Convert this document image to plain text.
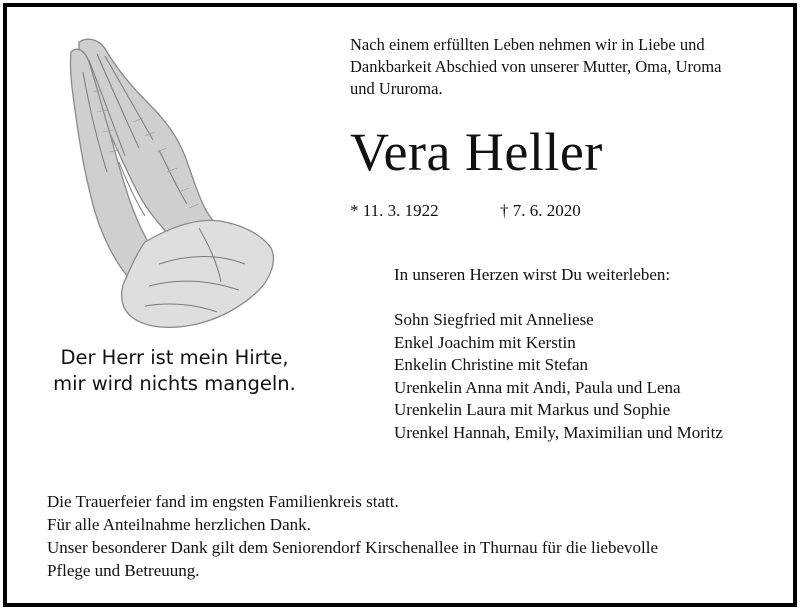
Der Herr ist mein Hirte,
mir wird nichts mangeln.
Nach einem erfüllten Leben nehmen wir in Liebe und
Dankbarkeit Abschied von unserer Mutter, Oma, Uroma
und Ururoma.
Vera Heller
* 11. 3. 1922	† 7. 6. 2020
In unseren Herzen wirst Du weiterleben:
Sohn Siegfried mit Anneliese
Enkel Joachim mit Kerstin
Enkelin Christine mit Stefan
Urenkelin Anna mit Andi, Paula und Lena
Urenkelin Laura mit Markus und Sophie
Urenkel Hannah, Emily, Maximilian und Moritz
Die Trauerfeier fand im engsten Familienkreis statt.
Für alle Anteilnahme herzlichen Dank.
Unser besonderer Dank gilt dem Seniorendorf Kirschenallee in Thurnau für die liebevolle
Pflege und Betreuung.
